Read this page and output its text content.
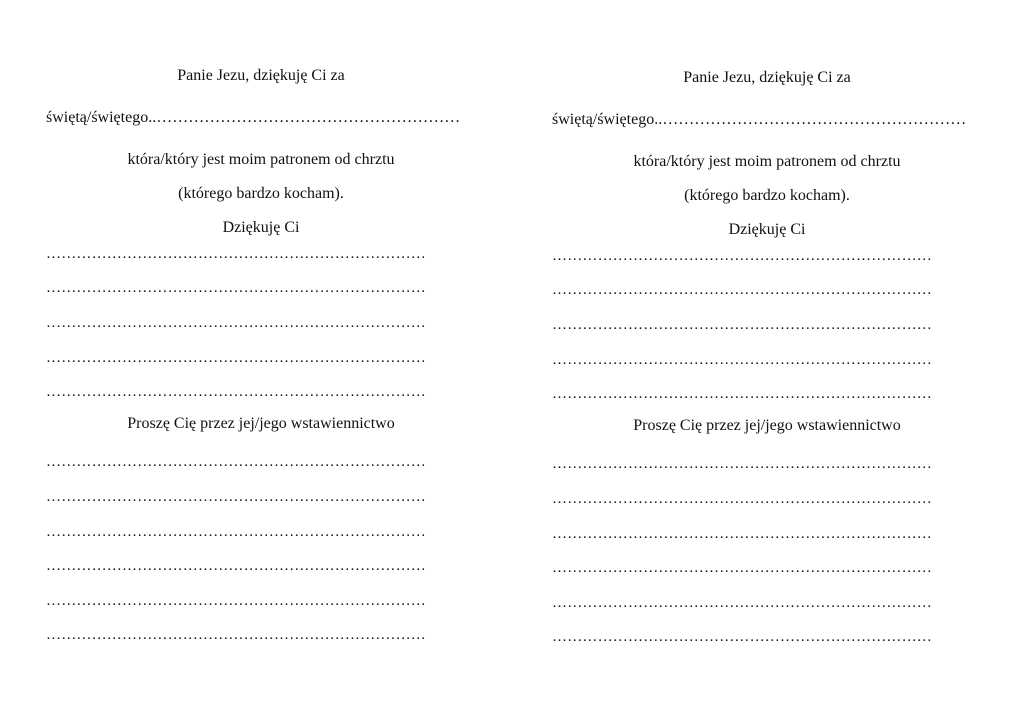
Panie Jezu, dziękuję Ci za
świętą/świętego..…………………………………………………
która/który jest moim patronem od chrztu
(którego bardzo kocham).
Dziękuję Ci
…………………………………………………………………
…………………………………………………………………
…………………………………………………………………
…………………………………………………………………
…………………………………………………………………
Proszę Cię przez jej/jego wstawiennictwo
…………………………………………………………………
…………………………………………………………………
…………………………………………………………………
…………………………………………………………………
…………………………………………………………………
…………………………………………………………………
Panie Jezu, dziękuję Ci za
świętą/świętego..…………………………………………………
która/który jest moim patronem od chrztu
(którego bardzo kocham).
Dziękuję Ci
…………………………………………………………………
…………………………………………………………………
…………………………………………………………………
…………………………………………………………………
…………………………………………………………………
Proszę Cię przez jej/jego wstawiennictwo
…………………………………………………………………
…………………………………………………………………
…………………………………………………………………
…………………………………………………………………
…………………………………………………………………
…………………………………………………………………
